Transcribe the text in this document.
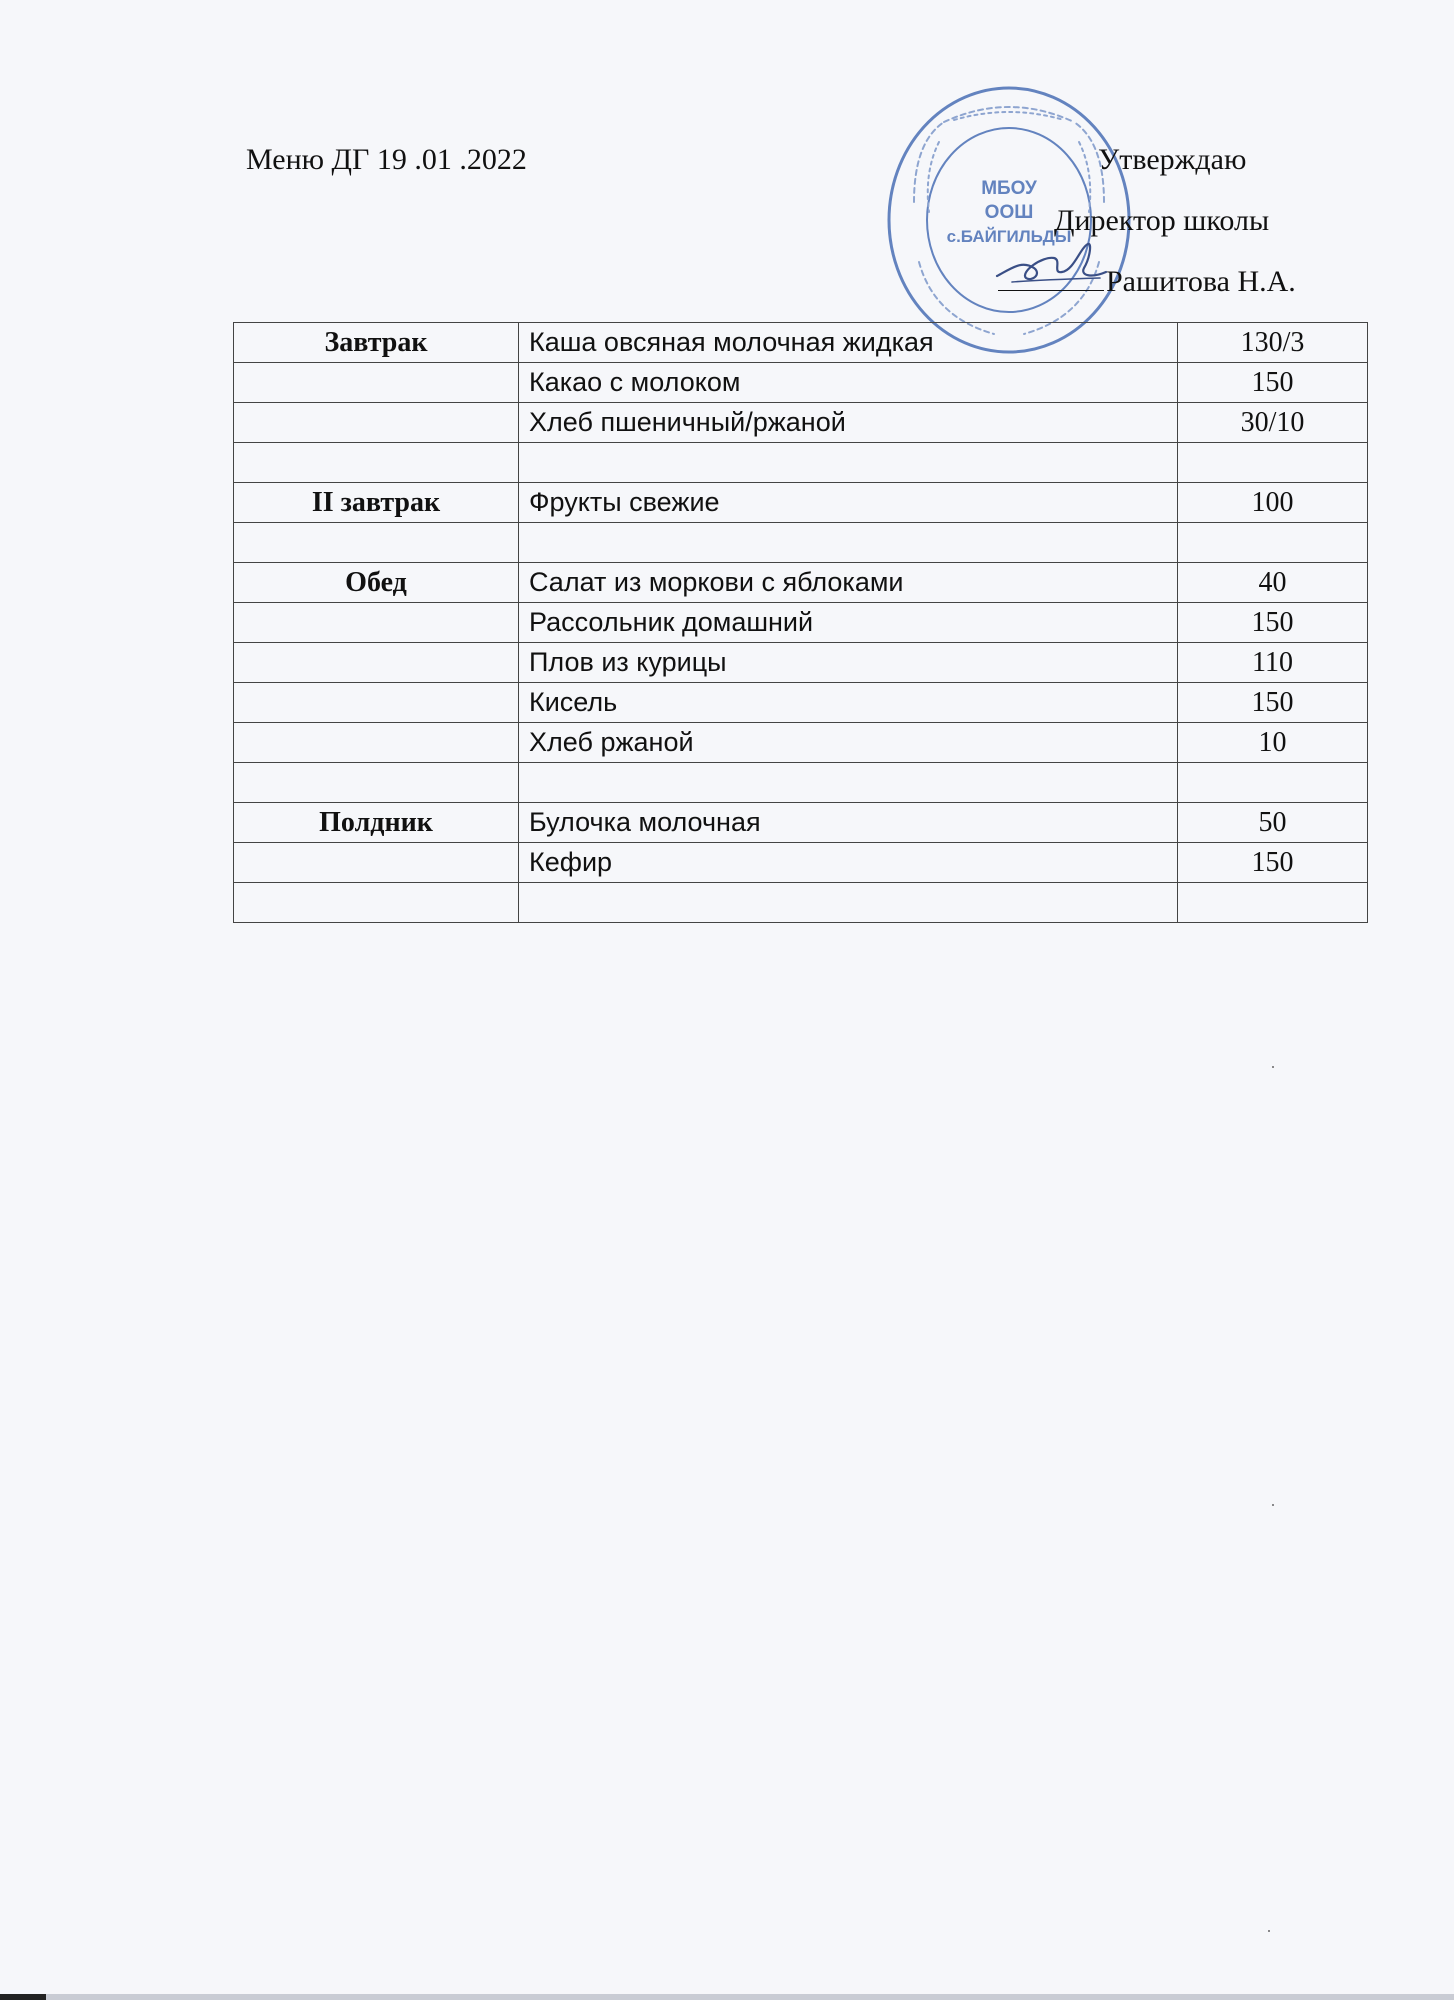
Меню ДГ 19 .01 .2022
МБОУ
ООШ
с.БАЙГИЛЬДЫ
Утверждаю
Директор школы
Рашитова Н.А.
Завтрак	Каша овсяная молочная жидкая	130/3
	Какао с молоком	150
	Хлеб пшеничный/ржаной	30/10

II завтрак	Фрукты свежие	100

Обед	Салат из моркови с яблоками	40
	Рассольник домашний	150
	Плов из курицы	110
	Кисель	150
	Хлеб ржаной	10

Полдник	Булочка молочная	50
	Кефир	150
